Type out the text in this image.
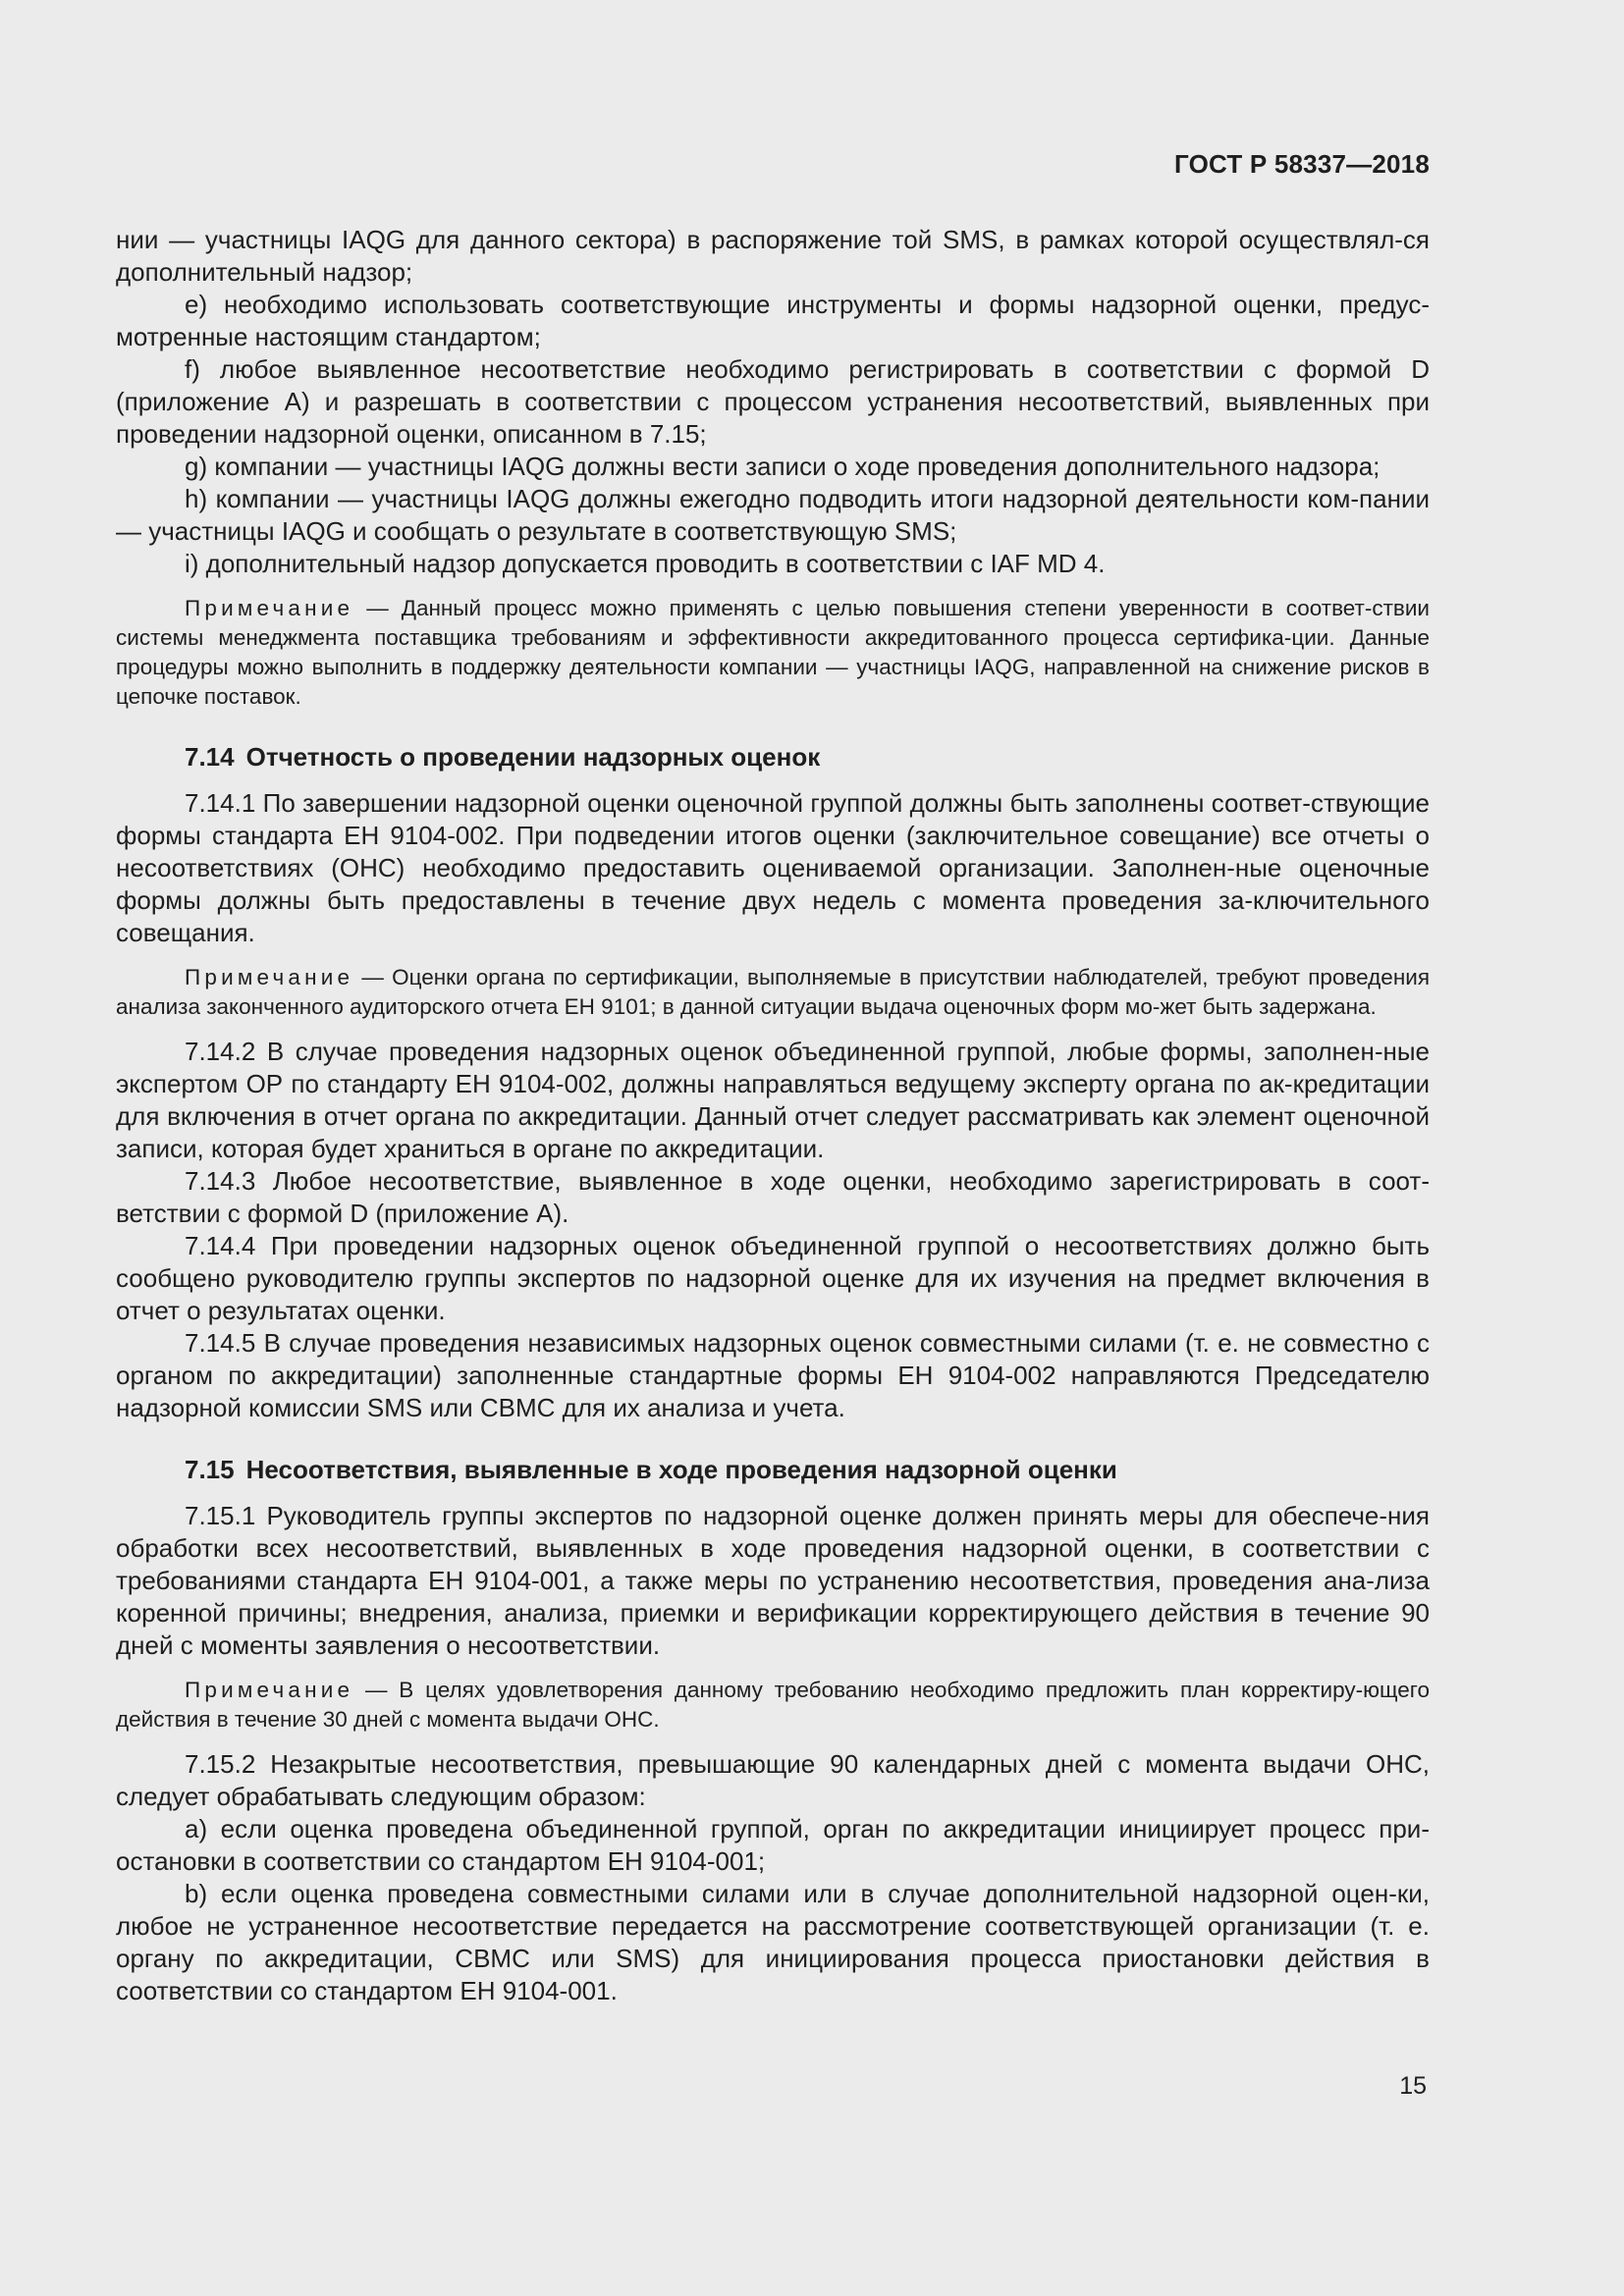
ГОСТ Р 58337—2018

нии — участницы IAQG для данного сектора) в распоряжение той SMS, в рамках которой осуществлял-ся дополнительный надзор;

е) необходимо использовать соответствующие инструменты и формы надзорной оценки, предус-мотренные настоящим стандартом;

f) любое выявленное несоответствие необходимо регистрировать в соответствии с формой D (приложение А) и разрешать в соответствии с процессом устранения несоответствий, выявленных при проведении надзорной оценки, описанном в 7.15;

g) компании — участницы IAQG должны вести записи о ходе проведения дополнительного надзора;

h) компании — участницы IAQG должны ежегодно подводить итоги надзорной деятельности ком-пании — участницы IAQG и сообщать о результате в соответствующую SMS;

i) дополнительный надзор допускается проводить в соответствии с IAF MD 4.

Примечание — Данный процесс можно применять с целью повышения степени уверенности в соответ-ствии системы менеджмента поставщика требованиям и эффективности аккредитованного процесса сертифика-ции. Данные процедуры можно выполнить в поддержку деятельности компании — участницы IAQG, направленной на снижение рисков в цепочке поставок.

7.14 Отчетность о проведении надзорных оценок

7.14.1 По завершении надзорной оценки оценочной группой должны быть заполнены соответ-ствующие формы стандарта ЕН 9104-002. При подведении итогов оценки (заключительное совещание) все отчеты о несоответствиях (ОНС) необходимо предоставить оцениваемой организации. Заполнен-ные оценочные формы должны быть предоставлены в течение двух недель с момента проведения за-ключительного совещания.

Примечание — Оценки органа по сертификации, выполняемые в присутствии наблюдателей, требуют проведения анализа законченного аудиторского отчета ЕН 9101; в данной ситуации выдача оценочных форм мо-жет быть задержана.

7.14.2 В случае проведения надзорных оценок объединенной группой, любые формы, заполнен-ные экспертом ОР по стандарту ЕН 9104-002, должны направляться ведущему эксперту органа по ак-кредитации для включения в отчет органа по аккредитации. Данный отчет следует рассматривать как элемент оценочной записи, которая будет храниться в органе по аккредитации.

7.14.3 Любое несоответствие, выявленное в ходе оценки, необходимо зарегистрировать в соот-ветствии с формой D (приложение А).

7.14.4 При проведении надзорных оценок объединенной группой о несоответствиях должно быть сообщено руководителю группы экспертов по надзорной оценке для их изучения на предмет включения в отчет о результатах оценки.

7.14.5 В случае проведения независимых надзорных оценок совместными силами (т. е. не совместно с органом по аккредитации) заполненные стандартные формы ЕН 9104-002 направляются Председателю надзорной комиссии SMS или СВМС для их анализа и учета.

7.15 Несоответствия, выявленные в ходе проведения надзорной оценки

7.15.1 Руководитель группы экспертов по надзорной оценке должен принять меры для обеспече-ния обработки всех несоответствий, выявленных в ходе проведения надзорной оценки, в соответствии с требованиями стандарта ЕН 9104-001, а также меры по устранению несоответствия, проведения ана-лиза коренной причины; внедрения, анализа, приемки и верификации корректирующего действия в течение 90 дней с моменты заявления о несоответствии.

Примечание — В целях удовлетворения данному требованию необходимо предложить план корректиру-ющего действия в течение 30 дней с момента выдачи ОНС.

7.15.2 Незакрытые несоответствия, превышающие 90 календарных дней с момента выдачи ОНС, следует обрабатывать следующим образом:

а) если оценка проведена объединенной группой, орган по аккредитации инициирует процесс при-остановки в соответствии со стандартом ЕН 9104-001;

b) если оценка проведена совместными силами или в случае дополнительной надзорной оцен-ки, любое не устраненное несоответствие передается на рассмотрение соответствующей организации (т. е. органу по аккредитации, СВМС или SMS) для инициирования процесса приостановки действия в соответствии со стандартом ЕН 9104-001.

15
